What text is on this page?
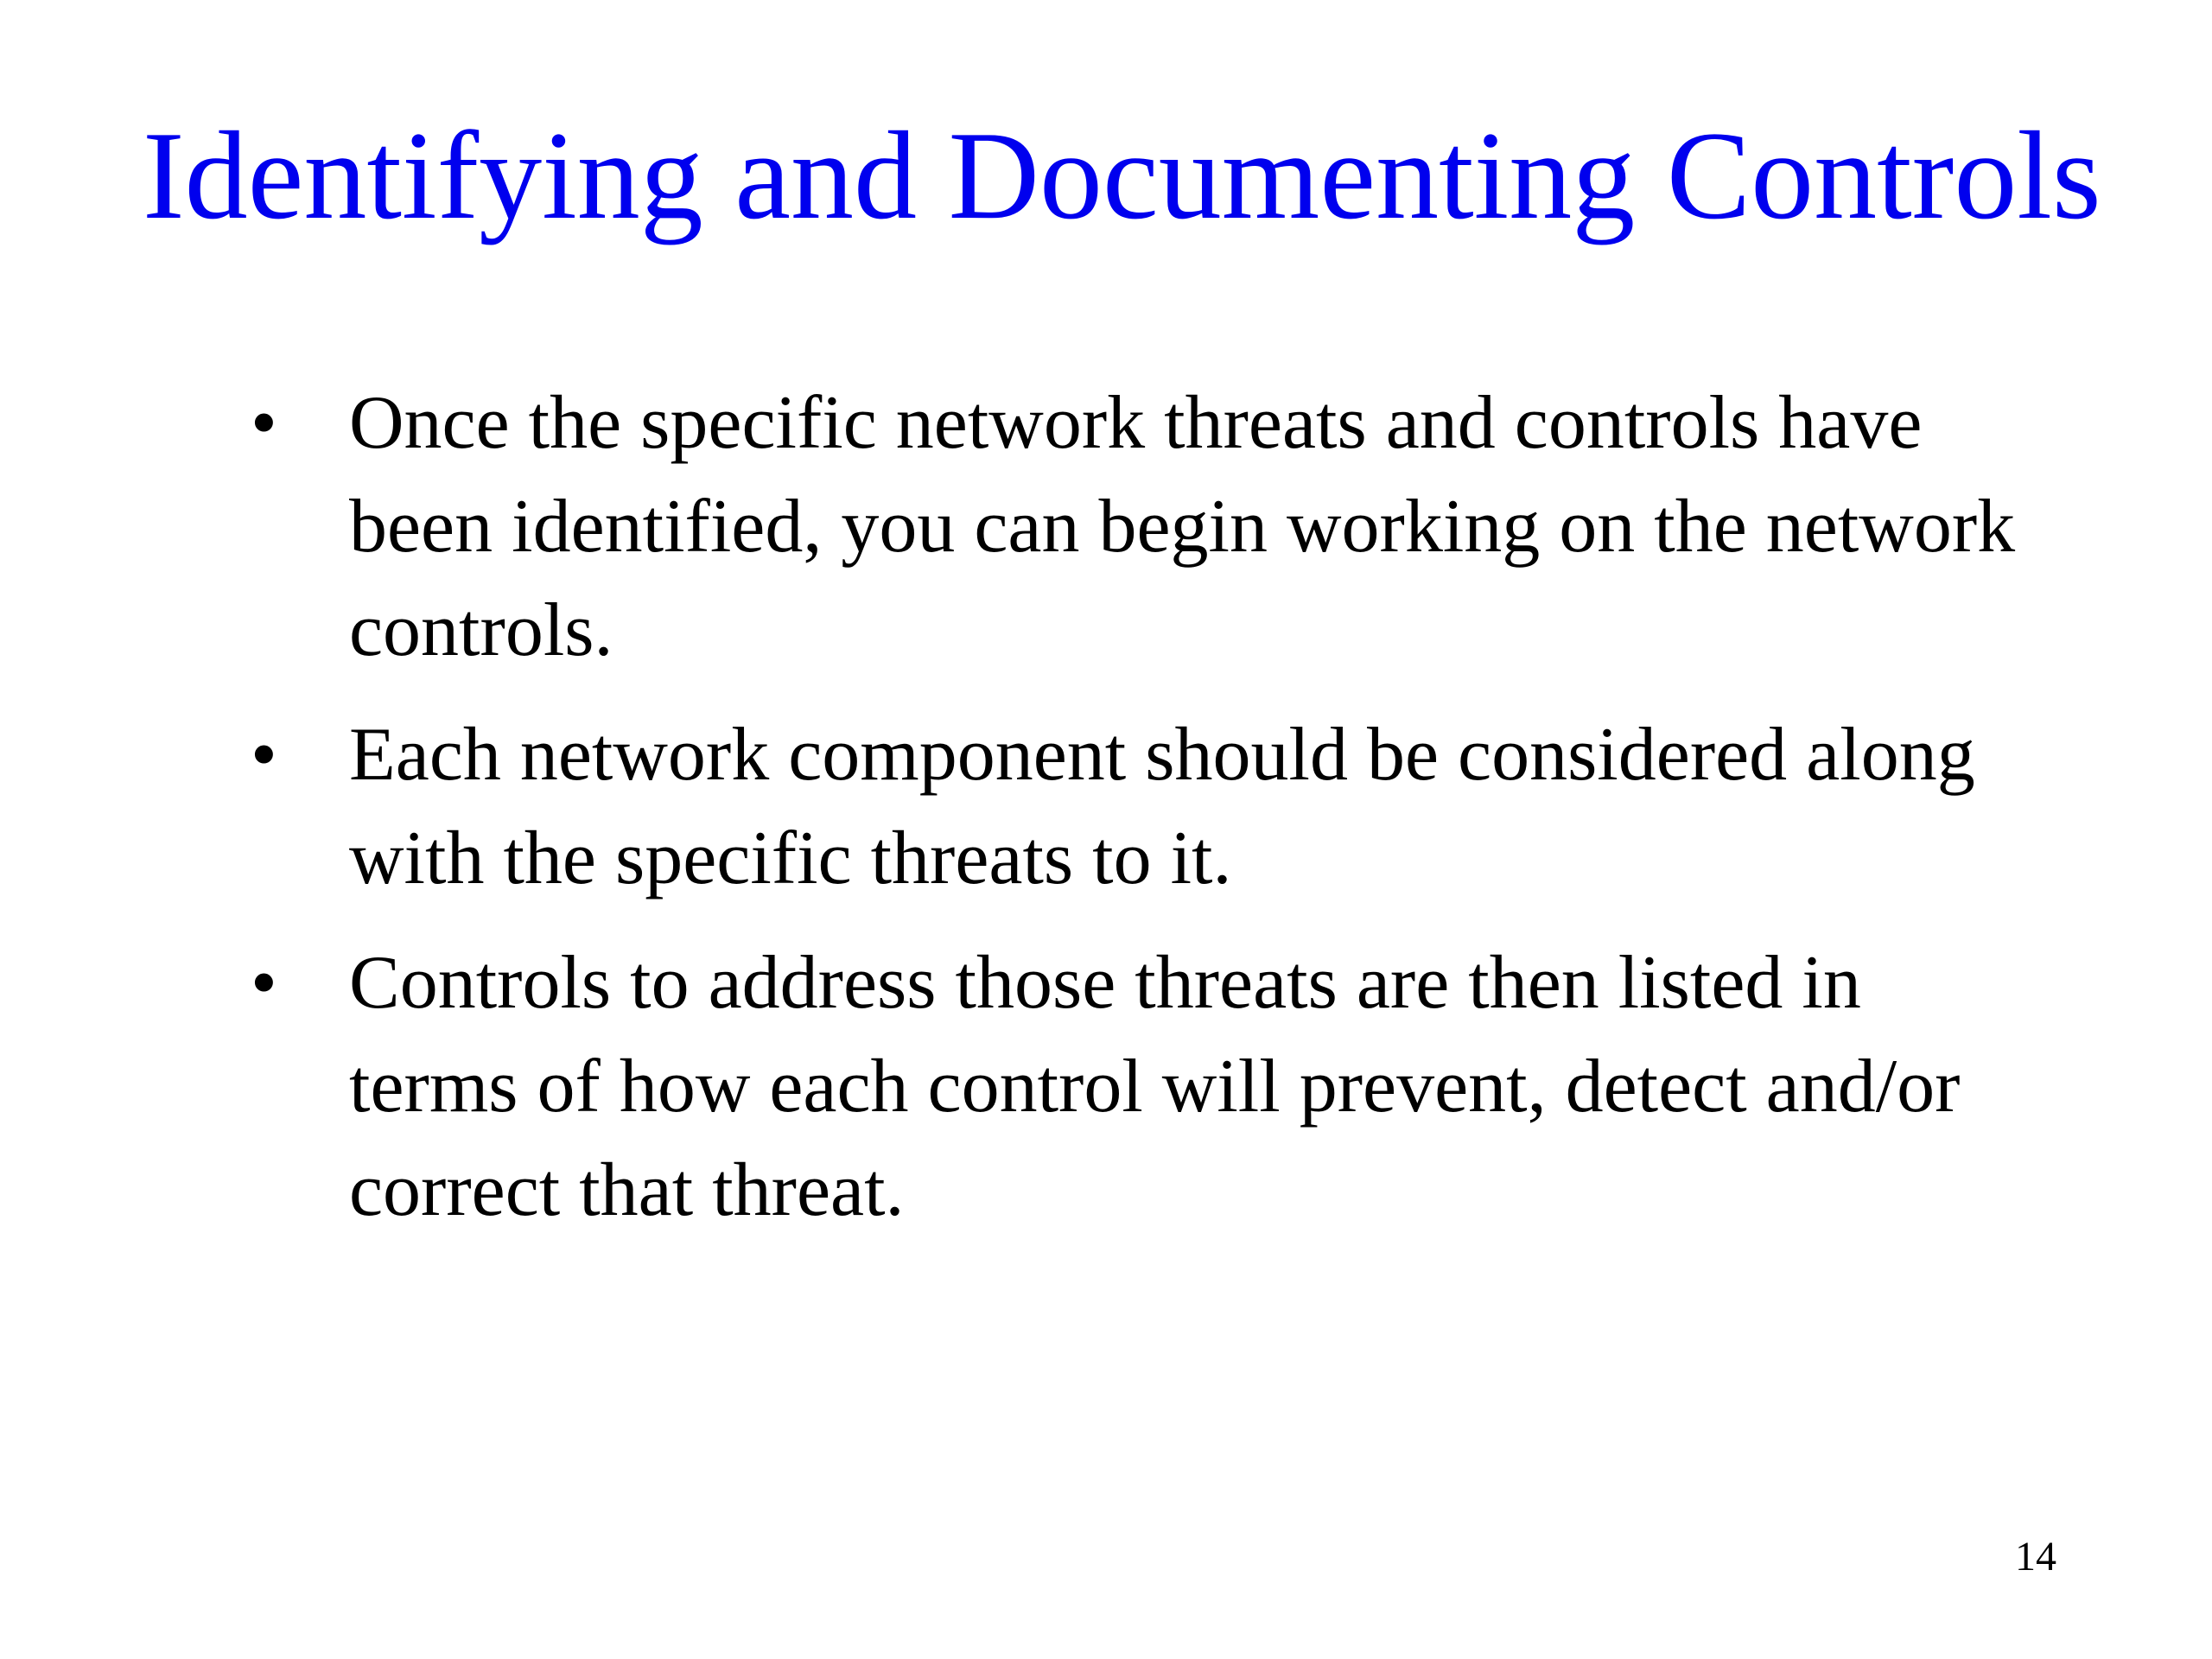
Identifying and Documenting Controls
• Once the specific network threats and controls have been identified, you can begin working on the network controls.
• Each network component should be considered along with the specific threats to it.
• Controls to address those threats are then listed in terms of how each control will prevent, detect and/or correct that threat.
14
